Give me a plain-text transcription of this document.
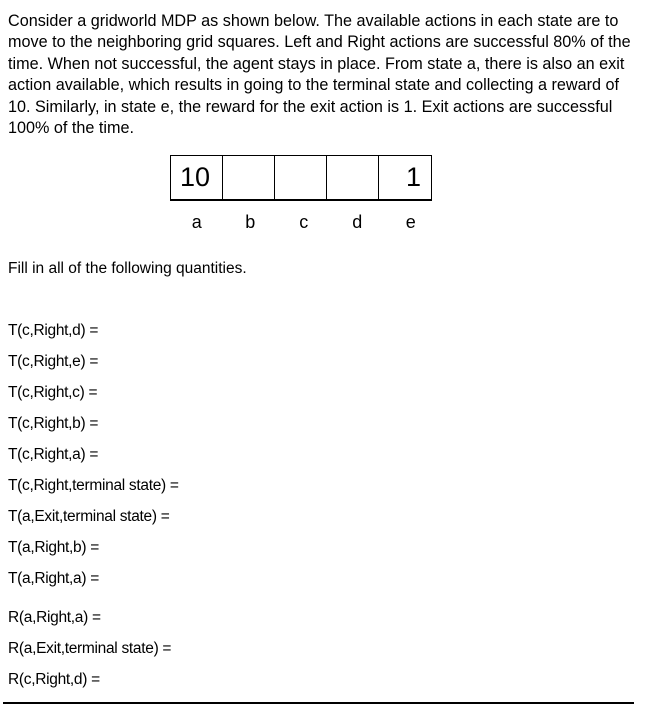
Consider a gridworld MDP as shown below. The available actions in each state are to move to the neighboring grid squares. Left and Right actions are successful 80% of the time. When not successful, the agent stays in place. From state a, there is also an exit action available, which results in going to the terminal state and collecting a reward of 10. Similarly, in state e, the reward for the exit action is 1. Exit actions are successful 100% of the time.

10	1
a	b	c	d	e
Fill in all of the following quantities.
T(c,Right,d) =
T(c,Right,e) =
T(c,Right,c) =
T(c,Right,b) =
T(c,Right,a) =
T(c,Right,terminal state) =
T(a,Exit,terminal state) =
T(a,Right,b) =
T(a,Right,a) =
R(a,Right,a) =
R(a,Exit,terminal state) =
R(c,Right,d) =
